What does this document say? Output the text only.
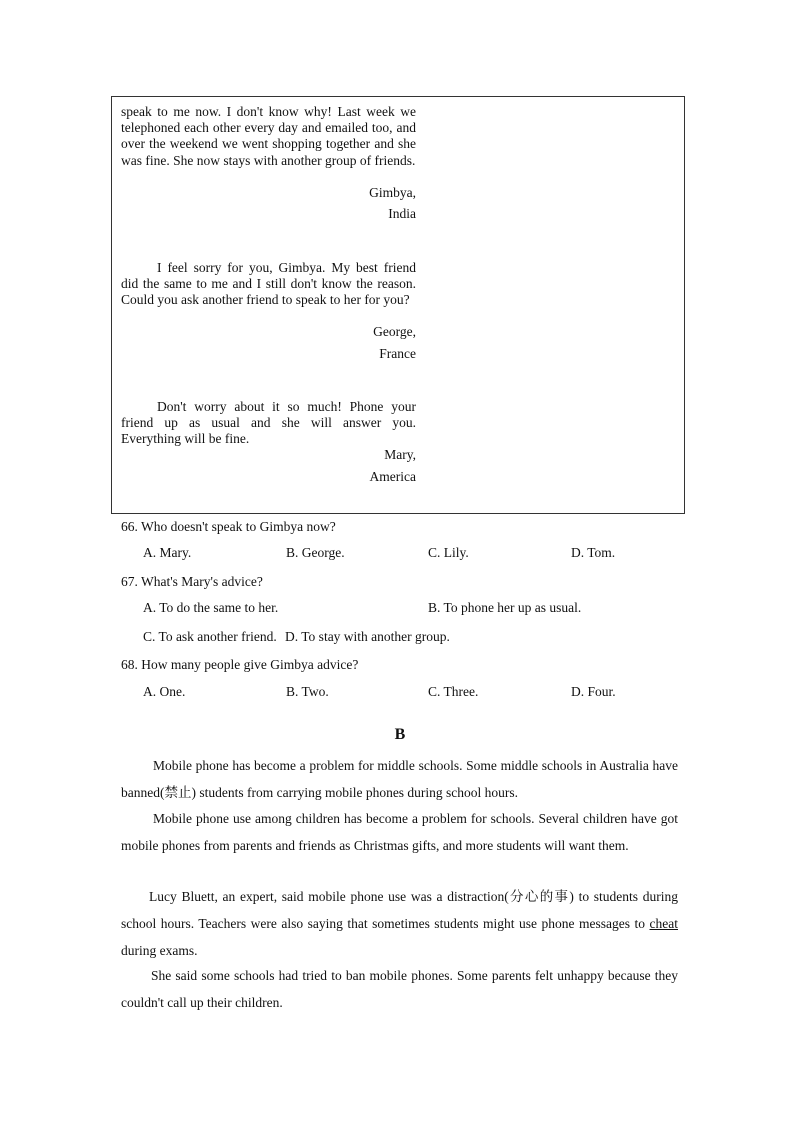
speak to me now. I don't know why! Last week we telephoned each other every day and emailed too, and over the weekend we went shopping together and she was fine. She now stays with another group of friends.

Gimbya,
India

I feel sorry for you, Gimbya. My best friend did the same to me and I still don't know the reason. Could you ask another friend to speak to her for you?

George,
France

Don't worry about it so much! Phone your friend up as usual and she will answer you. Everything will be fine.

Mary,
America
66. Who doesn't speak to Gimbya now?
A. Mary.	B. George.	C. Lily.	D. Tom.
67. What's Mary's advice?
A. To do the same to her.	B. To phone her up as usual.
C. To ask another friend. D. To stay with another group.
68. How many people give Gimbya advice?
A. One.	B. Two.	C. Three.	D. Four.
B

Mobile phone has become a problem for middle schools. Some middle schools in Australia have banned(禁止) students from carrying mobile phones during school hours.

Mobile phone use among children has become a problem for schools. Several children have got mobile phones from parents and friends as Christmas gifts, and more students will want them.

Lucy Bluett, an expert, said mobile phone use was a distraction(分心的事) to students during school hours. Teachers were also saying that sometimes students might use phone messages to cheat during exams.

She said some schools had tried to ban mobile phones. Some parents felt unhappy because they couldn't call up their children.
